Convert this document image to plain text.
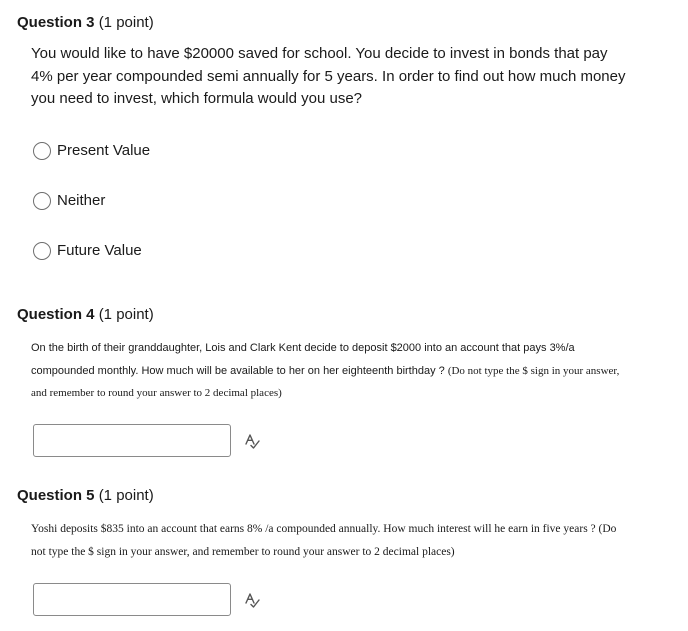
Question 3 (1 point)
You would like to have $20000 saved for school. You decide to invest in bonds that pay 4% per year compounded semi annually for 5 years. In order to find out how much money you need to invest, which formula would you use?
Present Value
Neither
Future Value
Question 4 (1 point)
On the birth of their granddaughter, Lois and Clark Kent decide to deposit $2000 into an account that pays 3%/a compounded monthly. How much will be available to her on her eighteenth birthday ? (Do not type the $ sign in your answer, and remember to round your answer to 2 decimal places)
Question 5 (1 point)
Yoshi deposits $835 into an account that earns 8% /a compounded annually. How much interest will he earn in five years ? (Do not type the $ sign in your answer, and remember to round your answer to 2 decimal places)
